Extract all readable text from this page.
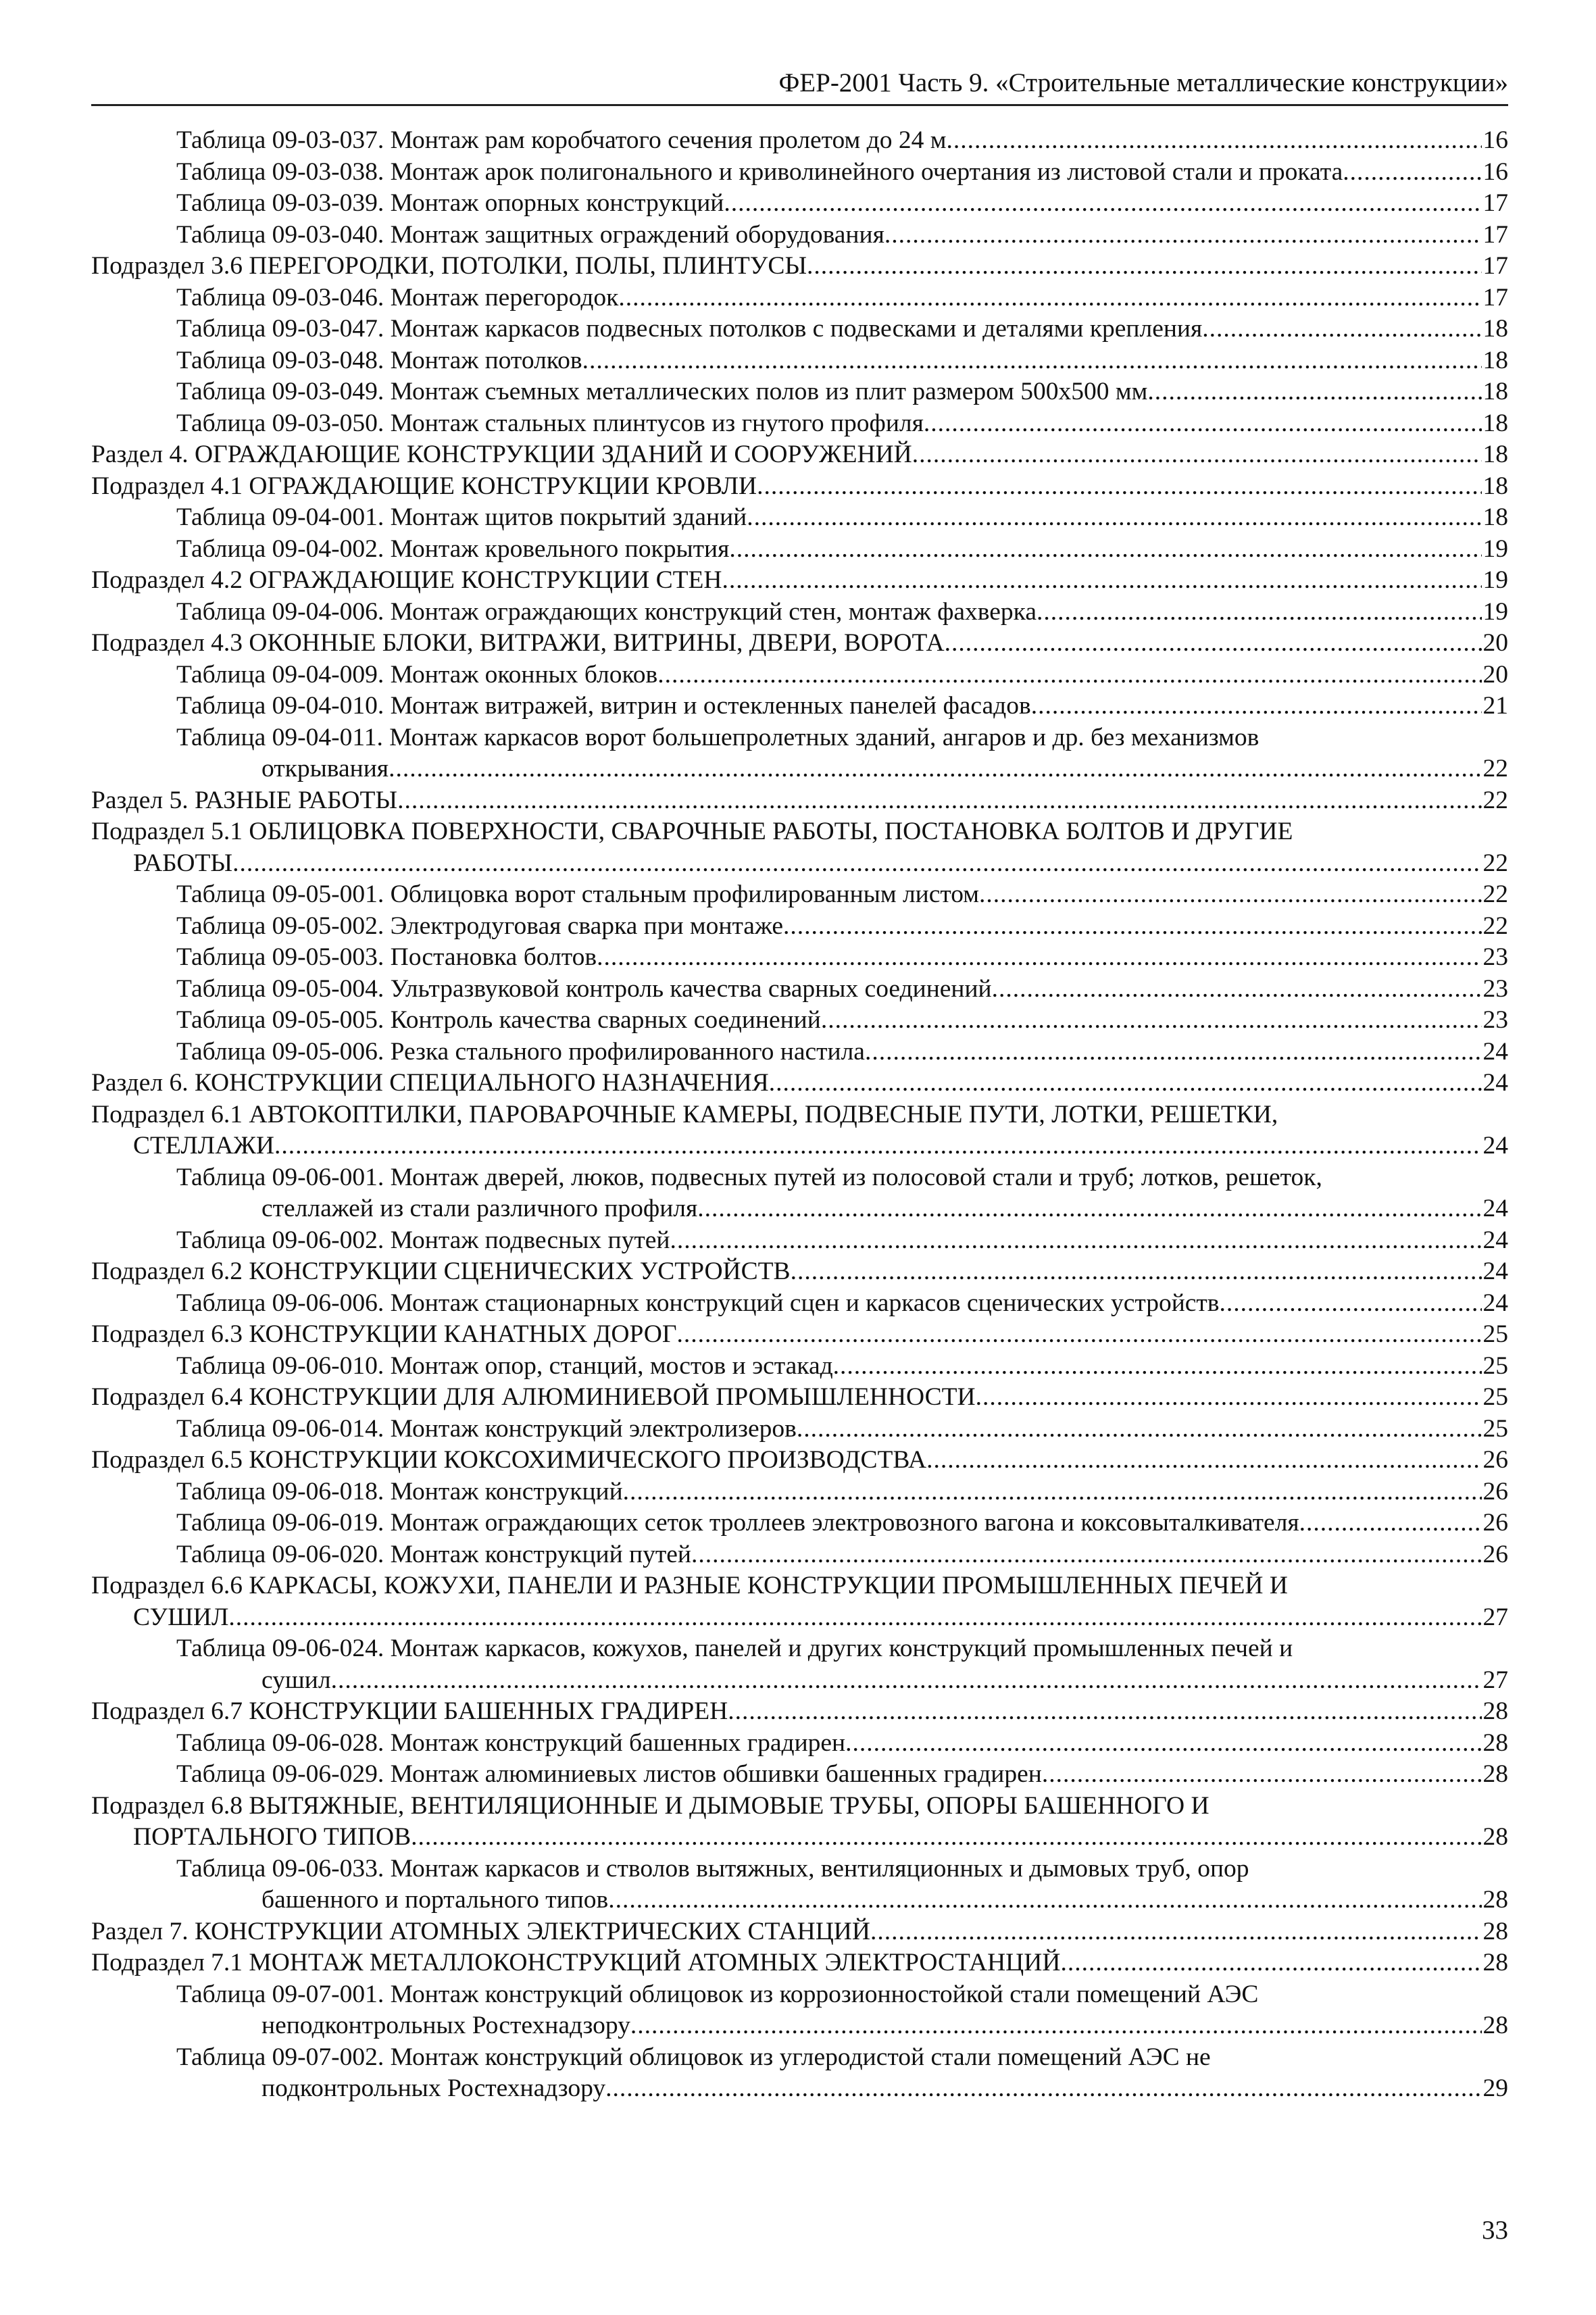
ФЕР-2001 Часть 9. «Строительные металлические конструкции»
Таблица 09-03-037. Монтаж рам коробчатого сечения пролетом до 24 м .....	16
Таблица 09-03-038. Монтаж арок полигонального и криволинейного очертания из листовой стали и проката .....	16
Таблица 09-03-039. Монтаж опорных конструкций .....	17
Таблица 09-03-040. Монтаж защитных ограждений оборудования .....	17
Подраздел 3.6 ПЕРЕГОРОДКИ, ПОТОЛКИ, ПОЛЫ, ПЛИНТУСЫ .....	17
Таблица 09-03-046. Монтаж перегородок .....	17
Таблица 09-03-047. Монтаж каркасов подвесных потолков с подвесками и деталями крепления .....	18
Таблица 09-03-048. Монтаж потолков .....	18
Таблица 09-03-049. Монтаж съемных металлических полов из плит размером 500х500 мм .....	18
Таблица 09-03-050. Монтаж стальных плинтусов из гнутого профиля .....	18
Раздел 4. ОГРАЖДАЮЩИЕ КОНСТРУКЦИИ ЗДАНИЙ И СООРУЖЕНИЙ .....	18
Подраздел 4.1 ОГРАЖДАЮЩИЕ КОНСТРУКЦИИ КРОВЛИ .....	18
Таблица 09-04-001. Монтаж щитов покрытий зданий .....	18
Таблица 09-04-002. Монтаж кровельного покрытия .....	19
Подраздел 4.2 ОГРАЖДАЮЩИЕ КОНСТРУКЦИИ СТЕН .....	19
Таблица 09-04-006. Монтаж ограждающих конструкций стен, монтаж фахверка .....	19
Подраздел 4.3 ОКОННЫЕ БЛОКИ, ВИТРАЖИ, ВИТРИНЫ, ДВЕРИ, ВОРОТА .....	20
Таблица 09-04-009. Монтаж оконных блоков .....	20
Таблица 09-04-010. Монтаж витражей, витрин и остекленных панелей фасадов .....	21
Таблица 09-04-011. Монтаж каркасов ворот большепролетных зданий, ангаров и др. без механизмов
открывания .....	22
Раздел 5. РАЗНЫЕ РАБОТЫ .....	22
Подраздел 5.1 ОБЛИЦОВКА ПОВЕРХНОСТИ, СВАРОЧНЫЕ РАБОТЫ, ПОСТАНОВКА БОЛТОВ И ДРУГИЕ
РАБОТЫ .....	22
Таблица 09-05-001. Облицовка ворот стальным профилированным листом .....	22
Таблица 09-05-002. Электродуговая сварка при монтаже .....	22
Таблица 09-05-003. Постановка болтов .....	23
Таблица 09-05-004. Ультразвуковой контроль качества сварных соединений .....	23
Таблица 09-05-005. Контроль качества сварных соединений .....	23
Таблица 09-05-006. Резка стального профилированного настила .....	24
Раздел 6. КОНСТРУКЦИИ СПЕЦИАЛЬНОГО НАЗНАЧЕНИЯ .....	24
Подраздел 6.1 АВТОКОПТИЛКИ, ПАРОВАРОЧНЫЕ КАМЕРЫ, ПОДВЕСНЫЕ ПУТИ, ЛОТКИ, РЕШЕТКИ,
СТЕЛЛАЖИ .....	24
Таблица 09-06-001. Монтаж дверей, люков, подвесных путей из полосовой стали и труб; лотков, решеток,
стеллажей из стали различного профиля .....	24
Таблица 09-06-002. Монтаж подвесных путей .....	24
Подраздел 6.2 КОНСТРУКЦИИ СЦЕНИЧЕСКИХ УСТРОЙСТВ .....	24
Таблица 09-06-006. Монтаж стационарных конструкций сцен и каркасов сценических устройств .....	24
Подраздел 6.3 КОНСТРУКЦИИ КАНАТНЫХ ДОРОГ .....	25
Таблица 09-06-010. Монтаж опор, станций, мостов и эстакад .....	25
Подраздел 6.4 КОНСТРУКЦИИ ДЛЯ АЛЮМИНИЕВОЙ ПРОМЫШЛЕННОСТИ .....	25
Таблица 09-06-014. Монтаж конструкций электролизеров .....	25
Подраздел 6.5 КОНСТРУКЦИИ КОКСОХИМИЧЕСКОГО ПРОИЗВОДСТВА .....	26
Таблица 09-06-018. Монтаж конструкций .....	26
Таблица 09-06-019. Монтаж ограждающих сеток троллеев электровозного вагона и коксовыталкивателя .....	26
Таблица 09-06-020. Монтаж конструкций путей .....	26
Подраздел 6.6 КАРКАСЫ, КОЖУХИ, ПАНЕЛИ И РАЗНЫЕ КОНСТРУКЦИИ ПРОМЫШЛЕННЫХ ПЕЧЕЙ И
СУШИЛ .....	27
Таблица 09-06-024. Монтаж каркасов, кожухов, панелей и других конструкций промышленных печей и
сушил .....	27
Подраздел 6.7 КОНСТРУКЦИИ БАШЕННЫХ ГРАДИРЕН .....	28
Таблица 09-06-028. Монтаж конструкций башенных градирен .....	28
Таблица 09-06-029. Монтаж алюминиевых листов обшивки башенных градирен .....	28
Подраздел 6.8 ВЫТЯЖНЫЕ, ВЕНТИЛЯЦИОННЫЕ И ДЫМОВЫЕ ТРУБЫ, ОПОРЫ БАШЕННОГО И
ПОРТАЛЬНОГО ТИПОВ .....	28
Таблица 09-06-033. Монтаж каркасов и стволов вытяжных, вентиляционных и дымовых труб, опор
башенного и портального типов .....	28
Раздел 7. КОНСТРУКЦИИ АТОМНЫХ ЭЛЕКТРИЧЕСКИХ СТАНЦИЙ .....	28
Подраздел 7.1 МОНТАЖ МЕТАЛЛОКОНСТРУКЦИЙ АТОМНЫХ ЭЛЕКТРОСТАНЦИЙ .....	28
Таблица 09-07-001. Монтаж конструкций облицовок из коррозионностойкой стали помещений АЭС
неподконтрольных Ростехнадзору .....	28
Таблица 09-07-002. Монтаж конструкций облицовок из углеродистой стали помещений АЭС не
подконтрольных Ростехнадзору .....	29
33
